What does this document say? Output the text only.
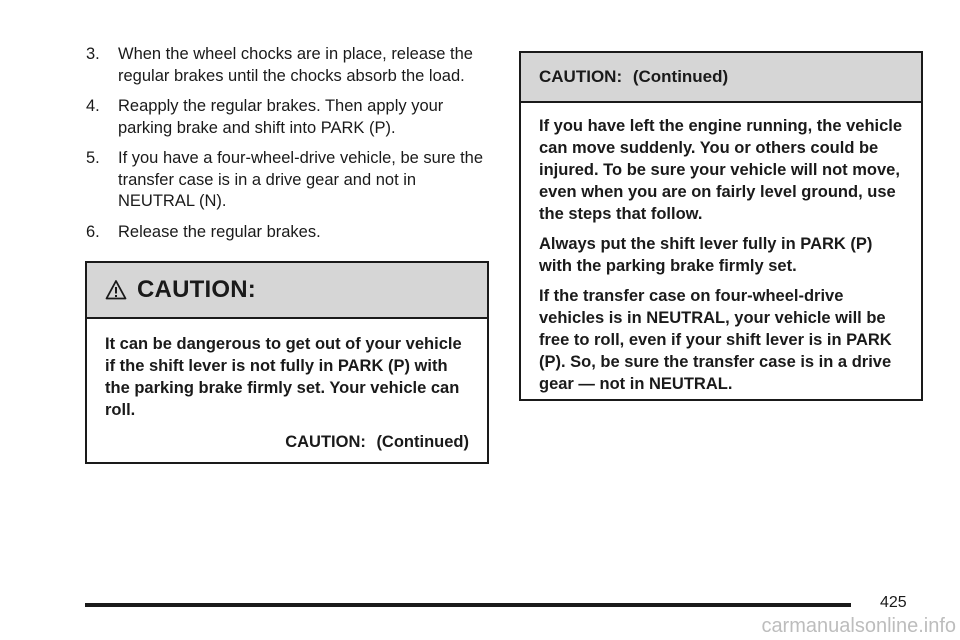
3.	When the wheel chocks are in place, release the regular brakes until the chocks absorb the load.
4.	Reapply the regular brakes. Then apply your parking brake and shift into PARK (P).
5.	If you have a four-wheel-drive vehicle, be sure the transfer case is in a drive gear and not in NEUTRAL (N).
6.	Release the regular brakes.
CAUTION:

It can be dangerous to get out of your vehicle if the shift lever is not fully in PARK (P) with the parking brake firmly set. Your vehicle can roll.

CAUTION: (Continued)
CAUTION: (Continued)

If you have left the engine running, the vehicle can move suddenly. You or others could be injured. To be sure your vehicle will not move, even when you are on fairly level ground, use the steps that follow.

Always put the shift lever fully in PARK (P) with the parking brake firmly set.

If the transfer case on four-wheel-drive vehicles is in NEUTRAL, your vehicle will be free to roll, even if your shift lever is in PARK (P). So, be sure the transfer case is in a drive gear — not in NEUTRAL.

425
carmanualsonline.info
